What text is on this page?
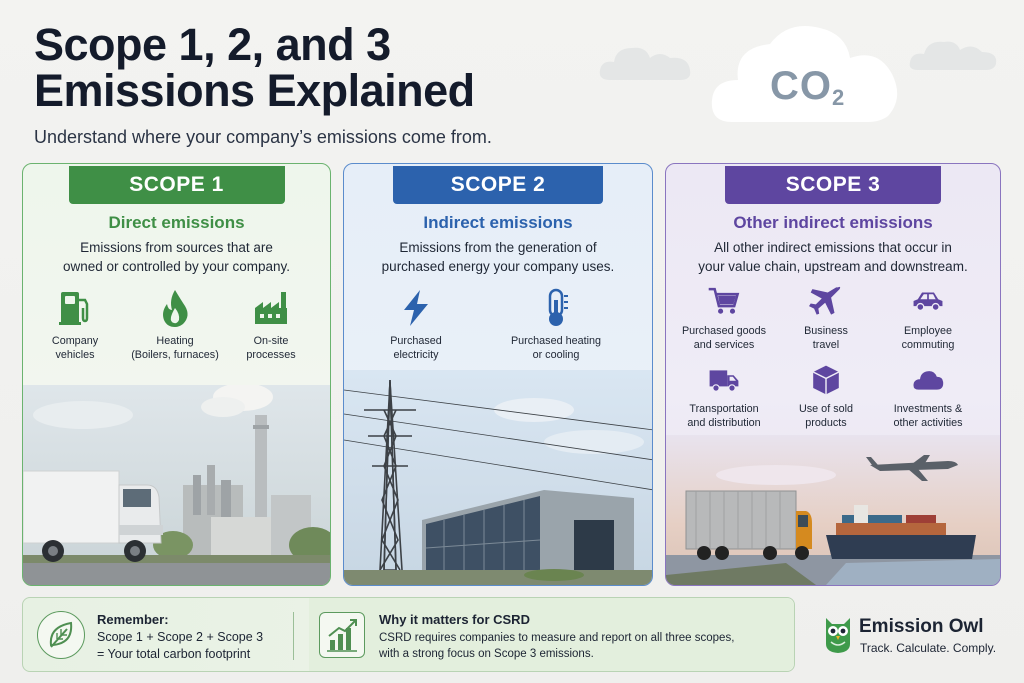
Scope 1, 2, and 3
Emissions Explained
Understand where your company’s emissions come from.
$CO_2$
SCOPE 1
Direct emissions
Emissions from sources that are
owned or controlled by your company.
Company
vehicles
Heating
(Boilers, furnaces)
On-site
processes
SCOPE 2
Indirect emissions
Emissions from the generation of
purchased energy your company uses.
Purchased
electricity
Purchased heating
or cooling
SCOPE 3
Other indirect emissions
All other indirect emissions that occur in
your value chain, upstream and downstream.
Purchased goods
and services
Business
travel
Employee
commuting
Transportation
and distribution
Use of sold
products
Investments &
other activities
Remember:
Scope 1 + Scope 2 + Scope 3
= Your total carbon footprint
Why it matters for CSRD
CSRD requires companies to measure and report on all three scopes,
with a strong focus on Scope 3 emissions.
Emission Owl
Track. Calculate. Comply.
